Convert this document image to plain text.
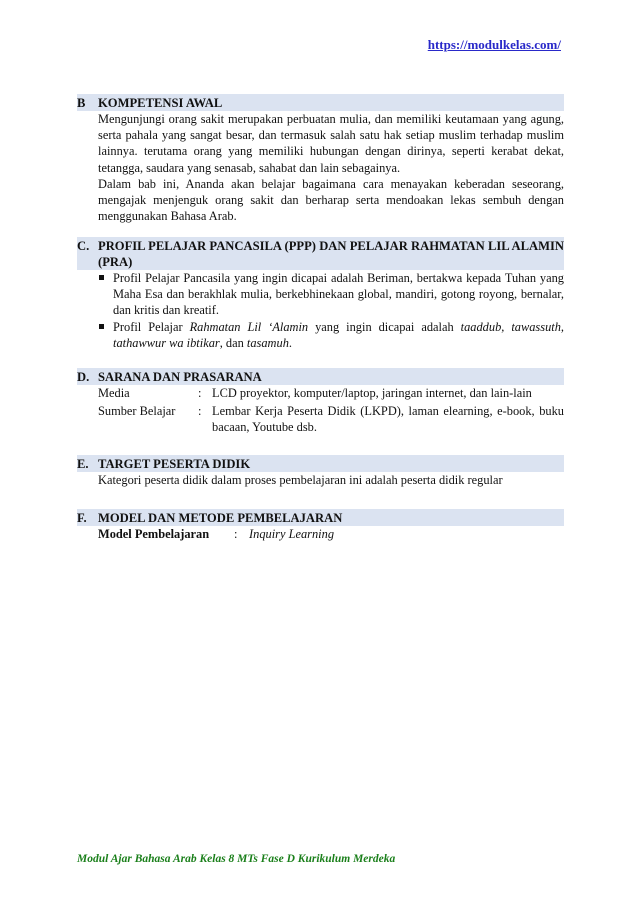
https://modulkelas.com/
B KOMPETENSI AWAL
Mengunjungi orang sakit merupakan perbuatan mulia, dan memiliki keutamaan yang agung, serta pahala yang sangat besar, dan termasuk salah satu hak setiap muslim terhadap muslim lainnya. terutama orang yang memiliki hubungan dengan dirinya, seperti kerabat dekat, tetangga, saudara yang senasab, sahabat dan lain sebagainya.
Dalam bab ini, Ananda akan belajar bagaimana cara menayakan keberadan seseorang, mengajak menjenguk orang sakit dan berharap serta mendoakan lekas sembuh dengan menggunakan Bahasa Arab.
C. PROFIL PELAJAR PANCASILA (PPP) DAN PELAJAR RAHMATAN LIL ALAMIN (PRA)
Profil Pelajar Pancasila yang ingin dicapai adalah Beriman, bertakwa kepada Tuhan yang Maha Esa dan berakhlak mulia, berkebhinekaan global, mandiri, gotong royong, bernalar, dan kritis dan kreatif.
Profil Pelajar Rahmatan Lil ‘Alamin yang ingin dicapai adalah taaddub, tawassuth, tathawwur wa ibtikar, dan tasamuh.
D. SARANA DAN PRASARANA
Media	: LCD proyektor, komputer/laptop, jaringan internet, dan lain-lain
Sumber Belajar	: Lembar Kerja Peserta Didik (LKPD), laman elearning, e-book, buku bacaan, Youtube dsb.
E. TARGET PESERTA DIDIK
Kategori peserta didik dalam proses pembelajaran ini adalah peserta didik regular
F. MODEL DAN METODE PEMBELAJARAN
Model Pembelajaran	: Inquiry Learning
Modul Ajar Bahasa Arab Kelas 8 MTs Fase D Kurikulum Merdeka
